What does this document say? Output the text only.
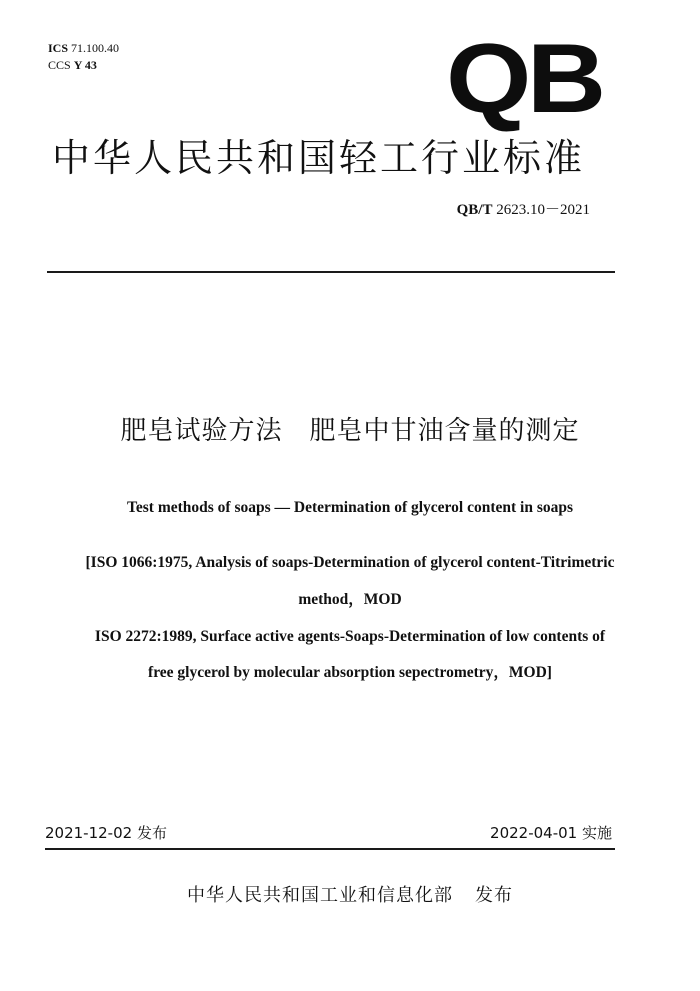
ICS 71.100.40
CCS Y 43	QB
中华人民共和国轻工行业标准
QB/T 2623.10－2021
肥皂试验方法　肥皂中甘油含量的测定
Test methods of soaps — Determination of glycerol content in soaps
[ISO 1066:1975, Analysis of soaps-Determination of glycerol content-Titrimetric
method，MOD
ISO 2272:1989, Surface active agents-Soaps-Determination of low contents of
free glycerol by molecular absorption sepectrometry，MOD]
2021-12-02 发布	2022-04-01 实施
中华人民共和国工业和信息化部 发布
